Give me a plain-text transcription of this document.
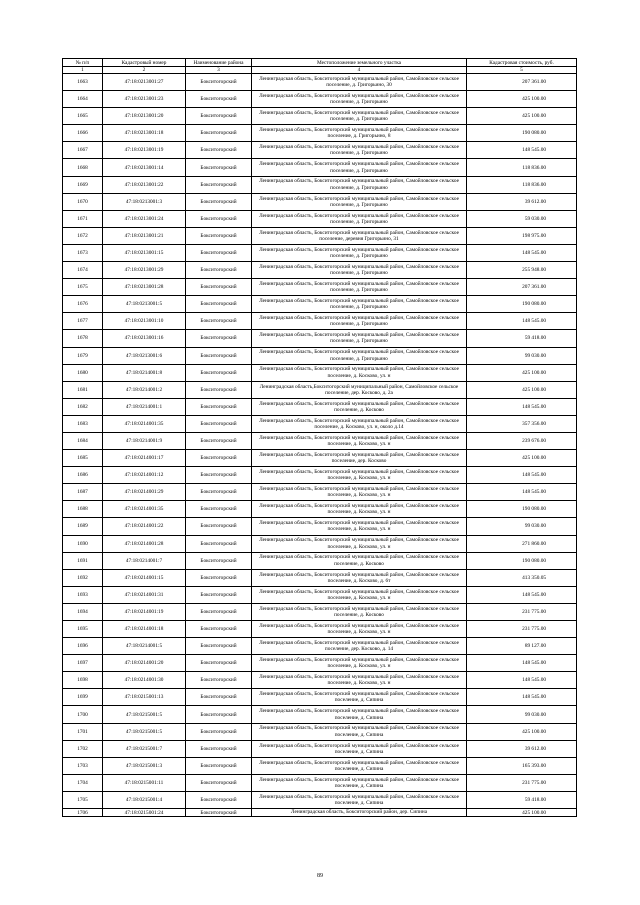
№ п/п	Кадастровый номер	Наименование района	Местоположение земельного участка	Кадастровая стоимость, руб.
1	2	3	4	5
1663	47:18:0213001:27	Бокситогорский	Ленинградская область, Бокситогорский муниципальный район, Самойловское сельское поселение, д. Григорьино, 30	207 361.00
1664	47:18:0213001:23	Бокситогорский	Ленинградская область, Бокситогорский муниципальный район, Самойловское сельское поселение, д. Григорьино	425 100.00
1665	47:18:0213001:20	Бокситогорский	Ленинградская область, Бокситогорский муниципальный район, Самойловское сельское поселение, д. Григорьино	425 100.00
1666	47:18:0213001:18	Бокситогорский	Ленинградская область, Бокситогорский муниципальный район, Самойловское сельское поселение, д. Григорьино, 8	190 080.00
1667	47:18:0213001:19	Бокситогорский	Ленинградская область, Бокситогорский муниципальный район, Самойловское сельское поселение, д. Григорьино	148 545.00
1668	47:18:0213001:14	Бокситогорский	Ленинградская область, Бокситогорский муниципальный район, Самойловское сельское поселение, д. Григорьино	118 836.00
1669	47:18:0213001:22	Бокситогорский	Ленинградская область, Бокситогорский муниципальный район, Самойловское сельское поселение, д. Григорьино	118 836.00
1670	47:18:0213001:3	Бокситогорский	Ленинградская область, Бокситогорский муниципальный район, Самойловское сельское поселение, д. Григорьино	39 612.00
1671	47:18:0213001:24	Бокситогорский	Ленинградская область, Бокситогорский муниципальный район, Самойловское сельское поселение, д. Григорьино	59 030.00
1672	47:18:0213001:21	Бокситогорский	Ленинградская область, Бокситогорский муниципальный район, Самойловское сельское поселение, деревня Григорьино, 31	198 975.00
1673	47:18:0213001:15	Бокситогорский	Ленинградская область, Бокситогорский муниципальный район, Самойловское сельское поселение, д. Григорьино	148 545.00
1674	47:18:0213001:29	Бокситогорский	Ленинградская область, Бокситогорский муниципальный район, Самойловское сельское поселение, д. Григорьино	255 948.00
1675	47:18:0213001:28	Бокситогорский	Ленинградская область, Бокситогорский муниципальный район, Самойловское сельское поселение, д. Григорьино	207 361.00
1676	47:18:0213001:5	Бокситогорский	Ленинградская область, Бокситогорский муниципальный район, Самойловское сельское поселение, д. Григорьино	190 080.00
1677	47:18:0213001:10	Бокситогорский	Ленинградская область, Бокситогорский муниципальный район, Самойловское сельское поселение, д. Григорьино	148 545.00
1678	47:18:0213001:16	Бокситогорский	Ленинградская область, Бокситогорский муниципальный район, Самойловское сельское поселение, д. Григорьино	59 418.00
1679	47:18:0213001:6	Бокситогорский	Ленинградская область, Бокситогорский муниципальный район, Самойловское сельское поселение, д. Григорьино	99 030.00
1680	47:18:0214001:8	Бокситогорский	Ленинградская область, Бокситогорский муниципальный район, Самойловское сельское поселение, д. Косково, ул. н	425 100.00
1681	47:18:0214001:2	Бокситогорский	Ленинградская область,Бокситогорский муниципальный район, Самойловское сельское поселение, дер. Косково, д. 2а	425 100.00
1682	47:18:0214001:1	Бокситогорский	Ленинградская область, Бокситогорский муниципальный район, Самойловское сельское поселение, д. Косково	148 545.00
1683	47:18:0214001:35	Бокситогорский	Ленинградская область, Бокситогорский муниципальный район, Самойловское сельское поселение, д. Косково, ул. н, около д.14	357 356.00
1684	47:18:0214001:9	Бокситогорский	Ленинградская область, Бокситогорский муниципальный район, Самойловское сельское поселение, д. Косково, ул. н	239 676.00
1685	47:18:0214001:17	Бокситогорский	Ленинградская область, Бокситогорский муниципальный район, Самойловское сельское поселение, дер. Косково	425 100.00
1686	47:18:0214001:12	Бокситогорский	Ленинградская область, Бокситогорский муниципальный район, Самойловское сельское поселение, д. Косково, ул. н	148 545.00
1687	47:18:0214001:29	Бокситогорский	Ленинградская область, Бокситогорский муниципальный район, Самойловское сельское поселение, д. Косково, ул. н	148 545.00
1688	47:18:0214001:35	Бокситогорский	Ленинградская область, Бокситогорский муниципальный район, Самойловское сельское поселение, д. Косково, ул. н	190 080.00
1689	47:18:0214001:22	Бокситогорский	Ленинградская область, Бокситогорский муниципальный район, Самойловское сельское поселение, д. Косково, ул. н	99 030.00
1690	47:18:0214001:28	Бокситогорский	Ленинградская область, Бокситогорский муниципальный район, Самойловское сельское поселение, д. Косково, ул. н	271 860.00
1691	47:18:0214001:7	Бокситогорский	Ленинградская область, Бокситогорский муниципальный район, Самойловское сельское поселение, д. Косково	190 080.00
1692	47:18:0214001:15	Бокситогорский	Ленинградская область, Бокситогорский муниципальный район, Самойловское сельское поселение, д. Косково, д. 6т	413 350.05
1693	47:18:0214001:31	Бокситогорский	Ленинградская область, Бокситогорский муниципальный район, Самойловское сельское поселение, д. Косково, ул. н	148 545.00
1694	47:18:0214001:19	Бокситогорский	Ленинградская область, Бокситогорский муниципальный район, Самойловское сельское поселение, д. Косково	231 775.00
1695	47:18:0214001:18	Бокситогорский	Ленинградская область, Бокситогорский муниципальный район, Самойловское сельское поселение, д. Косково, ул. н	231 775.00
1696	47:18:0214001:5	Бокситогорский	Ленинградская область, Бокситогорский муниципальный район, Самойловское сельское поселение, дер. Косково, д. 14	89 127.00
1697	47:18:0214001:20	Бокситогорский	Ленинградская область, Бокситогорский муниципальный район, Самойловское сельское поселение, д. Косково, ул. н	148 545.00
1698	47:18:0214001:30	Бокситогорский	Ленинградская область, Бокситогорский муниципальный район, Самойловское сельское поселение, д. Косково, ул. н	148 545.00
1699	47:18:0215001:13	Бокситогорский	Ленинградская область, Бокситогорский муниципальный район, Самойловское сельское поселение, д. Сипина	148 545.00
1700	47:18:0215001:5	Бокситогорский	Ленинградская область, Бокситогорский муниципальный район, Самойловское сельское поселение, д. Сипина	99 030.00
1701	47:18:0215001:5	Бокситогорский	Ленинградская область, Бокситогорский муниципальный район, Самойловское сельское поселение, д. Сипина	425 100.00
1702	47:18:0215001:7	Бокситогорский	Ленинградская область, Бокситогорский муниципальный район, Самойловское сельское поселение, д. Сипина	39 612.00
1703	47:18:0215001:3	Бокситогорский	Ленинградская область, Бокситогорский муниципальный район, Самойловское сельское поселение, д. Сипина	165 393.00
1704	47:18:0215001:11	Бокситогорский	Ленинградская область, Бокситогорский муниципальный район, Самойловское сельское поселение, д. Сипина	231 775.00
1705	47:18:0215001:4	Бокситогорский	Ленинградская область, Бокситогорский муниципальный район, Самойловское сельское поселение, д. Сипина	59 418.00
1706	47:18:0215001:24	Бокситогорский	Ленинградская область, Бокситогорский район, дер. Сипина	425 100.00
89
